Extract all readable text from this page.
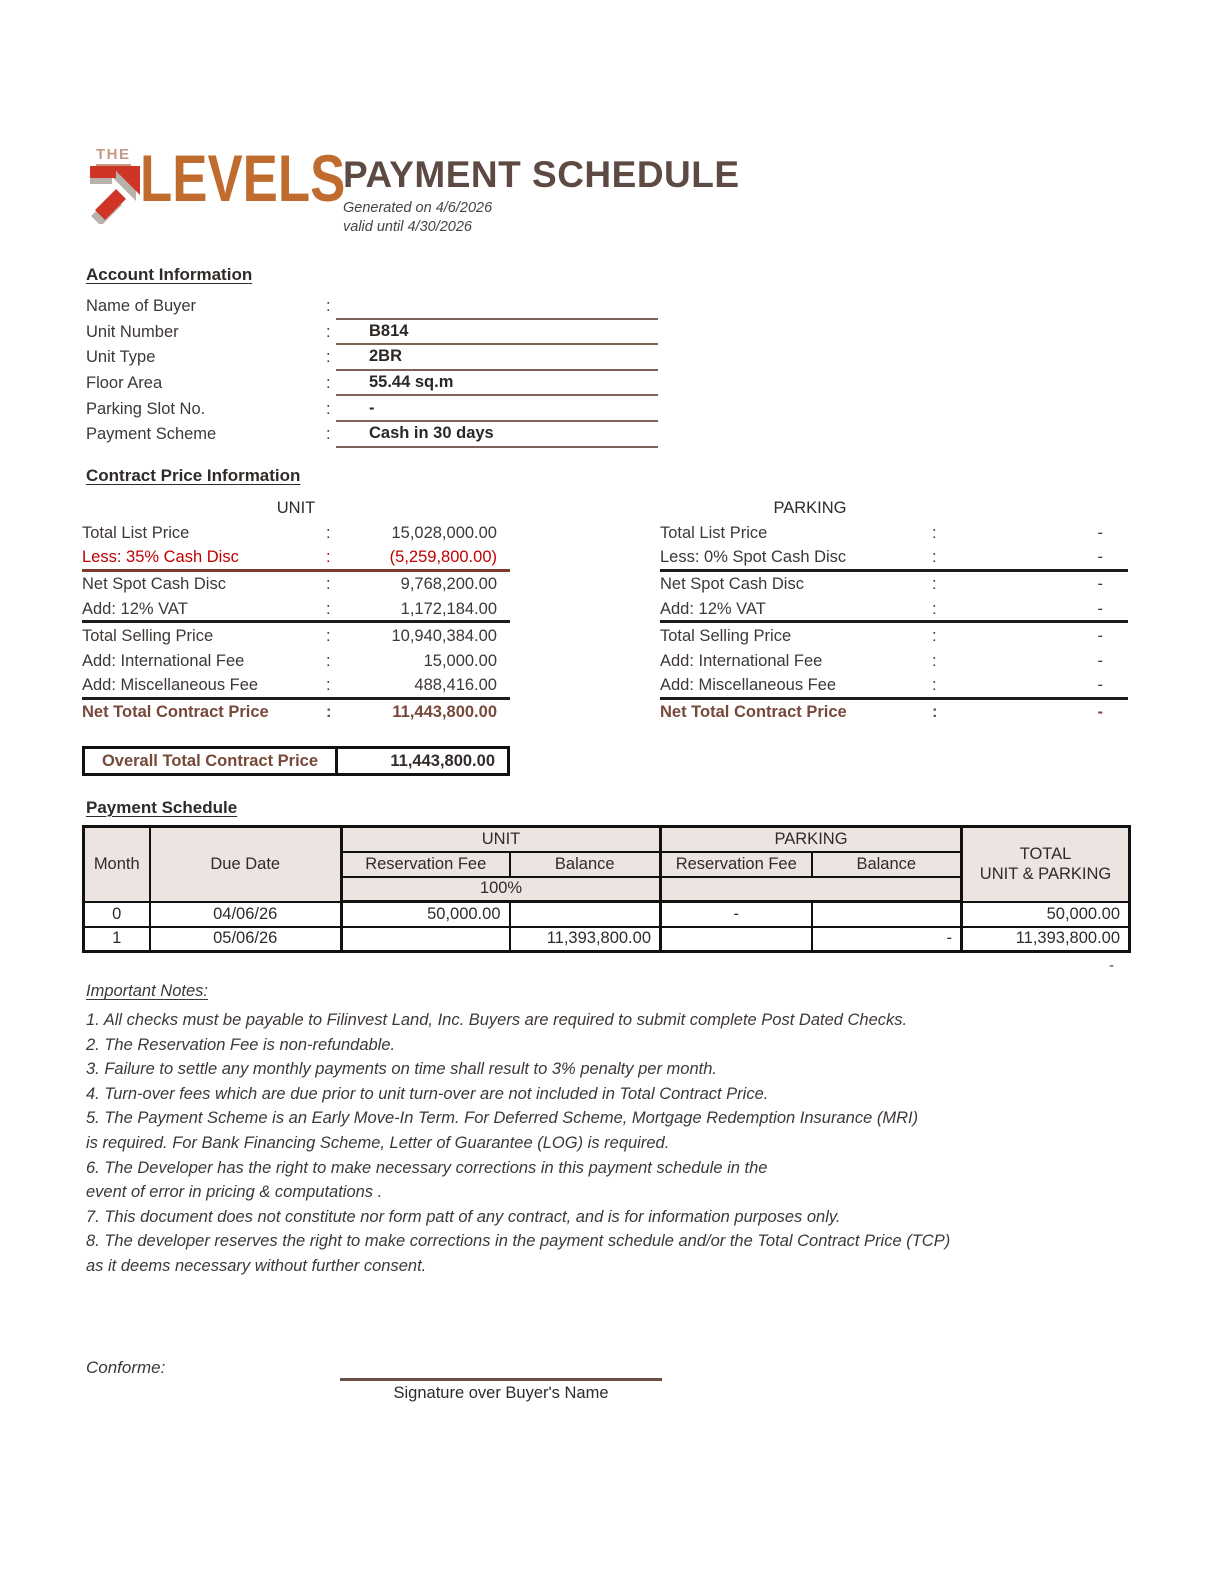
THE LEVELS
PAYMENT SCHEDULE
Generated on 4/6/2026
valid until 4/30/2026
Account Information
Name of Buyer	:
Unit Number	:	B814
Unit Type	:	2BR
Floor Area	:	55.44 sq.m
Parking Slot No.	:	-
Payment Scheme	:	Cash in 30 days
Contract Price Information
UNIT
Total List Price	:	15,028,000.00
Less: 35% Cash Disc	:	(5,259,800.00)
Net Spot Cash Disc	:	9,768,200.00
Add: 12% VAT	:	1,172,184.00
Total Selling Price	:	10,940,384.00
Add: International Fee	:	15,000.00
Add: Miscellaneous Fee	:	488,416.00
Net Total Contract Price	:	11,443,800.00
PARKING
Total List Price	:	-
Less: 0% Spot Cash Disc	:	-
Net Spot Cash Disc	:	-
Add: 12% VAT	:	-
Total Selling Price	:	-
Add: International Fee	:	-
Add: Miscellaneous Fee	:	-
Net Total Contract Price	:	-
Overall Total Contract Price	11,443,800.00
Payment Schedule
Month	Due Date	UNIT		PARKING		TOTAL
UNIT & PARKING

		Reservation Fee	Balance	Reservation Fee	Balance	
		100%				
0	04/06/26	50,000.00		-		50,000.00
1	05/06/26		11,393,800.00		-	11,393,800.00
-
Important Notes:
1. All checks must be payable to Filinvest Land, Inc. Buyers are required to submit complete Post Dated Checks.
2. The Reservation Fee is non-refundable.
3. Failure to settle any monthly payments on time shall result to 3% penalty per month.
4. Turn-over fees which are due prior to unit turn-over are not included in Total Contract Price.
5. The Payment Scheme is an Early Move-In Term. For Deferred Scheme, Mortgage Redemption Insurance (MRI)
is required. For Bank Financing Scheme, Letter of Guarantee (LOG) is required.
6. The Developer has the right to make necessary corrections in this payment schedule in the
event of error in pricing & computations .
7. This document does not constitute nor form patt of any contract, and is for information purposes only.
8. The developer reserves the right to make corrections in the payment schedule and/or the Total Contract Price (TCP)
as it deems necessary without further consent.
Conforme:
Signature over Buyer's Name
